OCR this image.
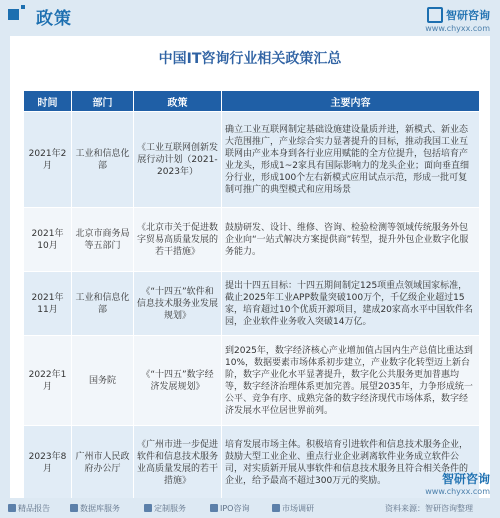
政策	智研咨询
www.chyxx.com
中国IT咨询行业相关政策汇总
时间	部门	政策	主要内容
2021年2月	工业和信息化部	《工业互联网创新发展行动计划（2021-2023年）	确立工业互联网制定基础设施建设量质并进，新模式、新业态大范围推广，产业综合实力显著提升的目标，推动我国工业互联网由产业本身到各行业应用赋能的全方位提升，包括培育产业龙头，形成1~2家具有国际影响力的龙头企业；面向垂直细分行业，形成100个左右新模式应用试点示范，形成一批可复制可推广的典型模式和应用场景
2021年10月	北京市商务局等五部门	《北京市关于促进数字贸易高质量发展的若干措施》	鼓励研发、设计、维修、咨询、检验检测等领域传统服务外包企业向“一站式解决方案提供商”转型，提升外包企业数字化服务能力。
2021年11月	工业和信息化部	《“十四五”软件和信息技术服务业发展规划》	提出十四五目标：十四五期间制定125项重点领域国家标准，截止2025年工业APP数量突破100万个，千亿级企业超过15家，培育超过10个优质开源项目，建成20家高水平中国软件名园，企业软件业务收入突破14万亿。
2022年1月	国务院	《“十四五”数字经济发展规划》	到2025年，数字经济核心产业增加值占国内生产总值比重达到10%，数据要素市场体系初步建立，产业数字化转型迈上新台阶，数字产业化水平显著提升，数字化公共服务更加普惠均等，数字经济治理体系更加完善。展望2035年，力争形成统一公平、竞争有序、成熟完备的数字经济现代市场体系，数字经济发展水平位居世界前列。
2023年8月	广州市人民政府办公厅	《广州市进一步促进软件和信息技术服务业高质量发展的若干措施》	培育发展市场主体。积极培育引进软件和信息技术服务企业，鼓励大型工业企业、重点行业企业剥离软件业务成立软件公司，对实质新开展从事软件和信息技术服务且符合相关条件的企业，给予最高不超过300万元的奖励。	智研咨询
www.chyxx.com
精品报告	数据库服务	定制服务	IPO咨询	市场调研	资料来源：智研咨询整理
